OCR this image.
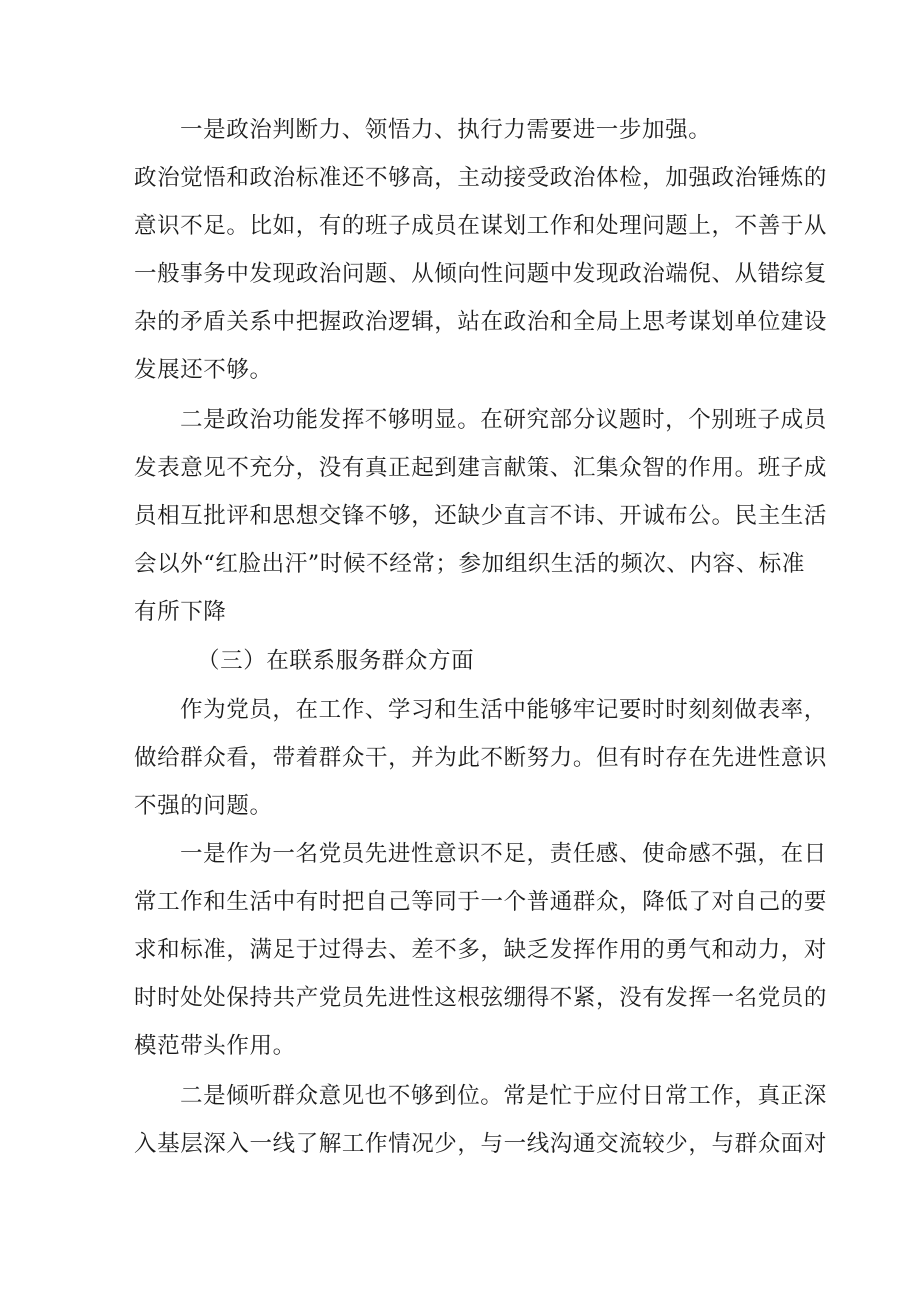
一是政治判断力、领悟力、执行力需要进一步加强。

政治觉悟和政治标准还不够高，主动接受政治体检，加强政治锤炼的

意识不足。比如，有的班子成员在谋划工作和处理问题上，不善于从

一般事务中发现政治问题、从倾向性问题中发现政治端倪、从错综复

杂的矛盾关系中把握政治逻辑，站在政治和全局上思考谋划单位建设

发展还不够。

二是政治功能发挥不够明显。在研究部分议题时，个别班子成员

发表意见不充分，没有真正起到建言献策、汇集众智的作用。班子成

员相互批评和思想交锋不够，还缺少直言不讳、开诚布公。民主生活

会以外“红脸出汗”时候不经常；参加组织生活的频次、内容、标准

有所下降

（三）在联系服务群众方面

作为党员，在工作、学习和生活中能够牢记要时时刻刻做表率，

做给群众看，带着群众干，并为此不断努力。但有时存在先进性意识

不强的问题。

一是作为一名党员先进性意识不足，责任感、使命感不强，在日

常工作和生活中有时把自己等同于一个普通群众，降低了对自己的要

求和标准，满足于过得去、差不多，缺乏发挥作用的勇气和动力，对

时时处处保持共产党员先进性这根弦绷得不紧，没有发挥一名党员的

模范带头作用。

二是倾听群众意见也不够到位。常是忙于应付日常工作，真正深

入基层深入一线了解工作情况少，与一线沟通交流较少，与群众面对
